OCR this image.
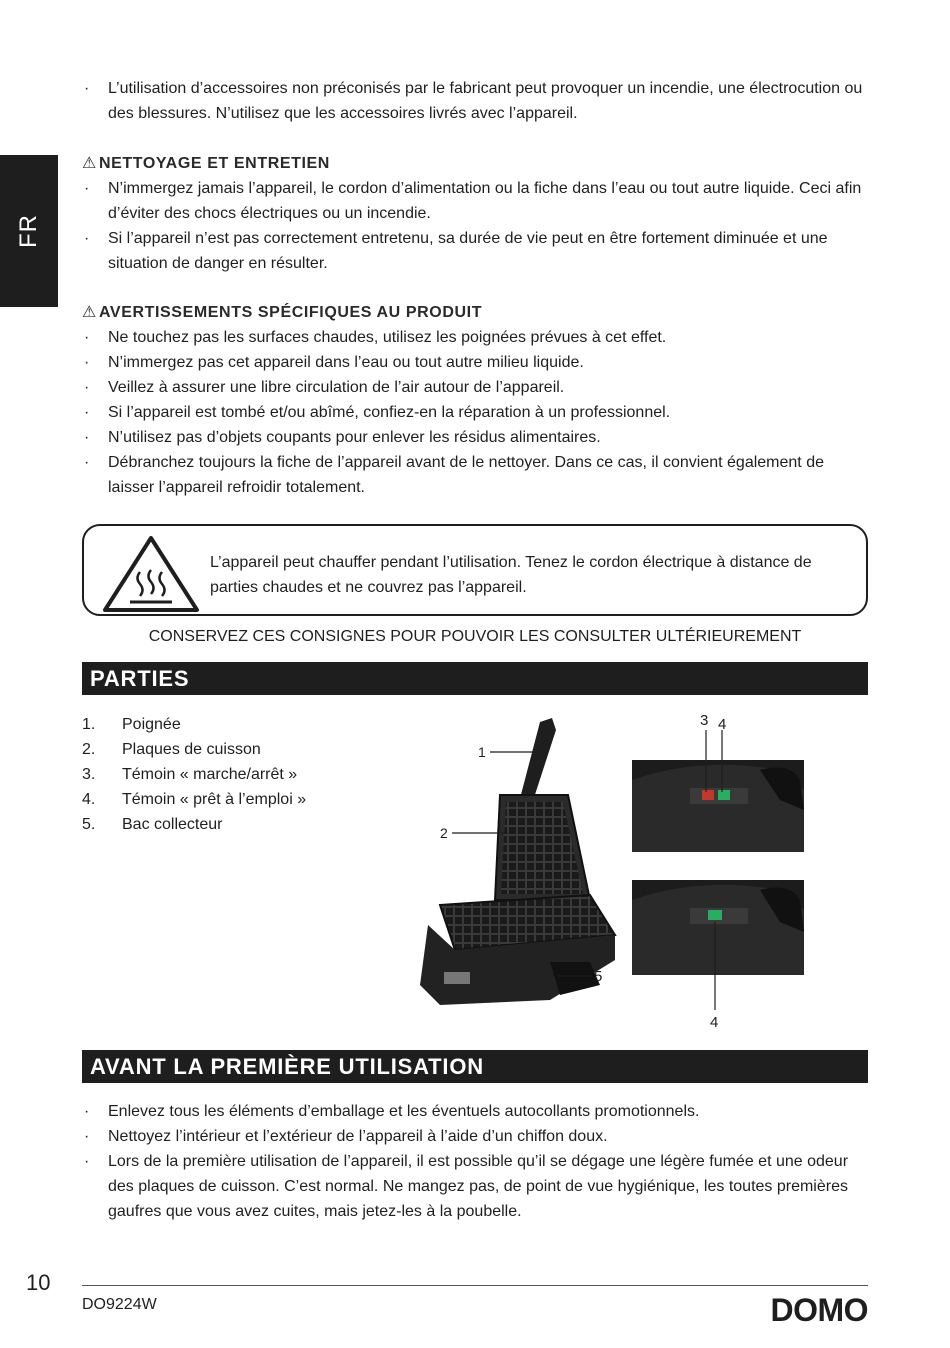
FR
· L’utilisation d’accessoires non préconisés par le fabricant peut provoquer un incendie, une électrocution ou des blessures. N’utilisez que les accessoires livrés avec l’appareil.
⚠ NETTOYAGE ET ENTRETIEN
· N’immergez jamais l’appareil, le cordon d’alimentation ou la fiche dans l’eau ou tout autre liquide. Ceci afin d’éviter des chocs électriques ou un incendie.
· Si l’appareil n’est pas correctement entretenu, sa durée de vie peut en être fortement diminuée et une situation de danger en résulter.
⚠ AVERTISSEMENTS SPÉCIFIQUES AU PRODUIT
· Ne touchez pas les surfaces chaudes, utilisez les poignées prévues à cet effet.
· N’immergez pas cet appareil dans l’eau ou tout autre milieu liquide.
· Veillez à assurer une libre circulation de l’air autour de l’appareil.
· Si l’appareil est tombé et/ou abîmé, confiez-en la réparation à un professionnel.
· N’utilisez pas d’objets coupants pour enlever les résidus alimentaires.
· Débranchez toujours la fiche de l’appareil avant de le nettoyer. Dans ce cas, il convient également de laisser l’appareil refroidir totalement.
L’appareil peut chauffer pendant l’utilisation. Tenez le cordon électrique à distance de parties chaudes et ne couvrez pas l’appareil.
CONSERVEZ CES CONSIGNES POUR POUVOIR LES CONSULTER ULTÉRIEUREMENT
PARTIES
1.	Poignée
2.	Plaques de cuisson
3.	Témoin « marche/arrêt »
4.	Témoin « prêt à l’emploi »
5.	Bac collecteur
1
2
3 4
5
4
AVANT LA PREMIÈRE UTILISATION
· Enlevez tous les éléments d’emballage et les éventuels autocollants promotionnels.
· Nettoyez l’intérieur et l’extérieur de l’appareil à l’aide d’un chiffon doux.
· Lors de la première utilisation de l’appareil, il est possible qu’il se dégage une légère fumée et une odeur des plaques de cuisson. C’est normal. Ne mangez pas, de point de vue hygiénique, les toutes premières gaufres que vous avez cuites, mais jetez-les à la poubelle.
10
DO9224W	DOMO
